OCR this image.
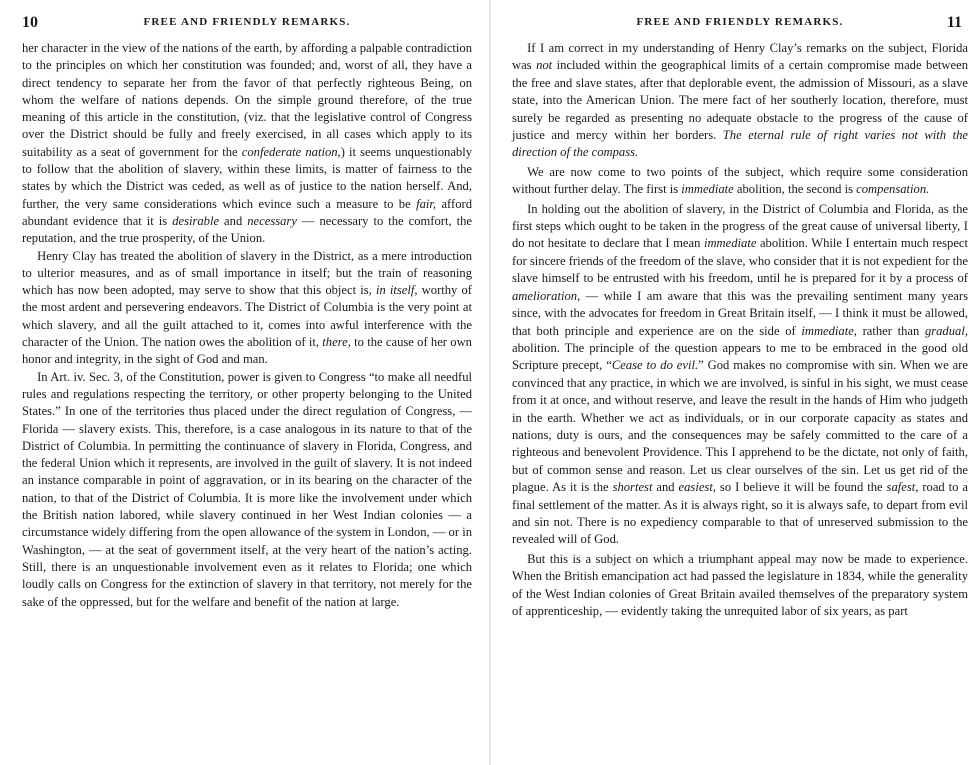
10	FREE AND FRIENDLY REMARKS.

her character in the view of the nations of the earth, by affording a palpable contradiction to the principles on which her constitution was founded; and, worst of all, they have a direct tendency to separate her from the favor of that perfectly righteous Being, on whom the welfare of nations depends. On the simple ground therefore, of the true meaning of this article in the constitution, (viz. that the legislative control of Congress over the District should be fully and freely exercised, in all cases which apply to its suitability as a seat of government for the confederate nation,) it seems unquestionably to follow that the abolition of slavery, within these limits, is matter of fairness to the states by which the District was ceded, as well as of justice to the nation herself. And, further, the very same considerations which evince such a measure to be fair, afford abundant evidence that it is desirable and necessary — necessary to the comfort, the reputation, and the true prosperity, of the Union.

Henry Clay has treated the abolition of slavery in the District, as a mere introduction to ulterior measures, and as of small importance in itself; but the train of reasoning which has now been adopted, may serve to show that this object is, in itself, worthy of the most ardent and persevering endeavors. The District of Columbia is the very point at which slavery, and all the guilt attached to it, comes into awful interference with the character of the Union. The nation owes the abolition of it, there, to the cause of her own honor and integrity, in the sight of God and man.

In Art. iv. Sec. 3, of the Constitution, power is given to Congress “to make all needful rules and regulations respecting the territory, or other property belonging to the United States.” In one of the territories thus placed under the direct regulation of Congress, — Florida — slavery exists. This, therefore, is a case analogous in its nature to that of the District of Columbia. In permitting the continuance of slavery in Florida, Congress, and the federal Union which it represents, are involved in the guilt of slavery. It is not indeed an instance comparable in point of aggravation, or in its bearing on the character of the nation, to that of the District of Columbia. It is more like the involvement under which the British nation labored, while slavery continued in her West Indian colonies — a circumstance widely differing from the open allowance of the system in London, — or in Washington, — at the seat of government itself, at the very heart of the nation’s acting. Still, there is an unquestionable involvement even as it relates to Florida; one which loudly calls on Congress for the extinction of slavery in that territory, not merely for the sake of the oppressed, but for the welfare and benefit of the nation at large.

FREE AND FRIENDLY REMARKS.	11

If I am correct in my understanding of Henry Clay’s remarks on the subject, Florida was not included within the geographical limits of a certain compromise made between the free and slave states, after that deplorable event, the admission of Missouri, as a slave state, into the American Union. The mere fact of her southerly location, therefore, must surely be regarded as presenting no adequate obstacle to the progress of the cause of justice and mercy within her borders. The eternal rule of right varies not with the direction of the compass.

We are now come to two points of the subject, which require some consideration without further delay. The first is immediate abolition, the second is compensation.

In holding out the abolition of slavery, in the District of Columbia and Florida, as the first steps which ought to be taken in the progress of the great cause of universal liberty, I do not hesitate to declare that I mean immediate abolition. While I entertain much respect for sincere friends of the freedom of the slave, who consider that it is not expedient for the slave himself to be entrusted with his freedom, until he is prepared for it by a process of amelioration, — while I am aware that this was the prevailing sentiment many years since, with the advocates for freedom in Great Britain itself, — I think it must be allowed, that both principle and experience are on the side of immediate, rather than gradual, abolition. The principle of the question appears to me to be embraced in the good old Scripture precept, “Cease to do evil.” God makes no compromise with sin. When we are convinced that any practice, in which we are involved, is sinful in his sight, we must cease from it at once, and without reserve, and leave the result in the hands of Him who judgeth in the earth. Whether we act as individuals, or in our corporate capacity as states and nations, duty is ours, and the consequences may be safely committed to the care of a righteous and benevolent Providence. This I apprehend to be the dictate, not only of faith, but of common sense and reason. Let us clear ourselves of the sin. Let us get rid of the plague. As it is the shortest and easiest, so I believe it will be found the safest, road to a final settlement of the matter. As it is always right, so it is always safe, to depart from evil and sin not. There is no expediency comparable to that of unreserved submission to the revealed will of God.

But this is a subject on which a triumphant appeal may now be made to experience. When the British emancipation act had passed the legislature in 1834, while the generality of the West Indian colonies of Great Britain availed themselves of the preparatory system of apprenticeship, — evidently taking the unrequited labor of six years, as part
